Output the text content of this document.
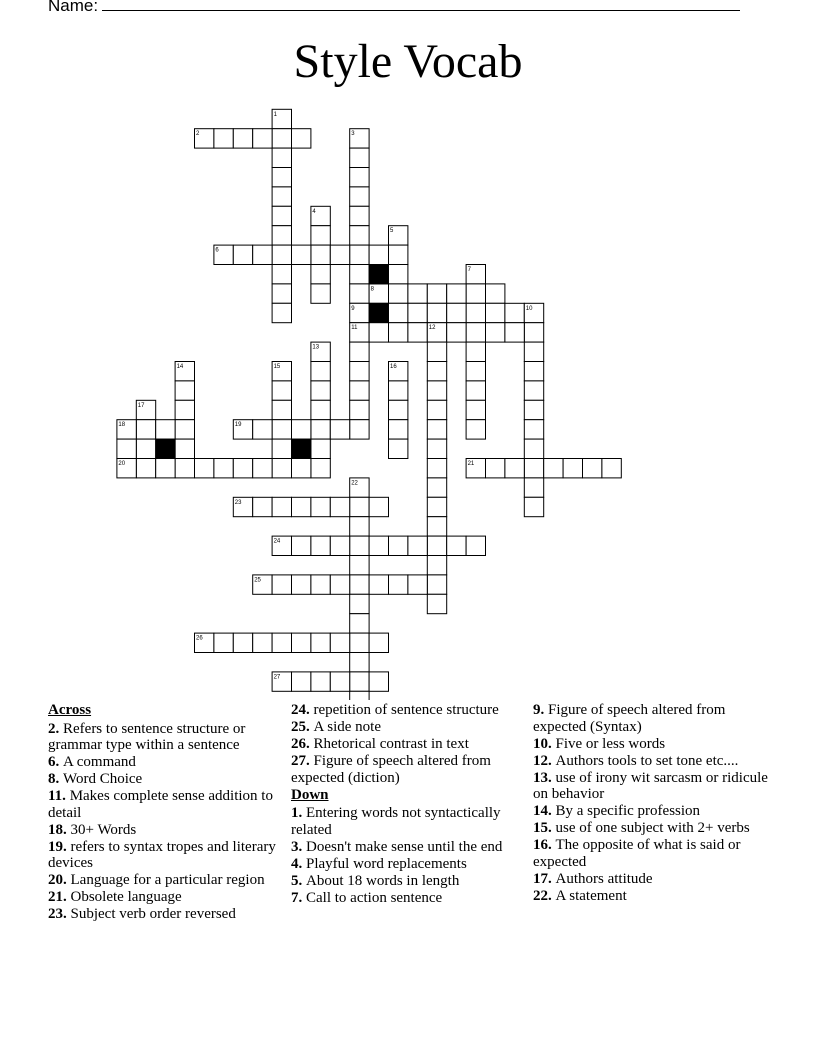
Name:
Style Vocab
1
2	3
4
5
6
7
8
9	10
11	12
13
14	15	16
17
18	19
20	21
22
23
24
25
26
27
Across
2. Refers to sentence structure or grammar type within a sentence
6. A command
8. Word Choice
11. Makes complete sense addition to detail
18. 30+ Words
19. refers to syntax tropes and literary devices
20. Language for a particular region
21. Obsolete language
23. Subject verb order reversed
24. repetition of sentence structure
25. A side note
26. Rhetorical contrast in text
27. Figure of speech altered from expected (diction)
Down
1. Entering words not syntactically related
3. Doesn't make sense until the end
4. Playful word replacements
5. About 18 words in length
7. Call to action sentence
9. Figure of speech altered from expected (Syntax)
10. Five or less words
12. Authors tools to set tone etc....
13. use of irony wit sarcasm or ridicule on behavior
14. By a specific profession
15. use of one subject with 2+ verbs
16. The opposite of what is said or expected
17. Authors attitude
22. A statement
